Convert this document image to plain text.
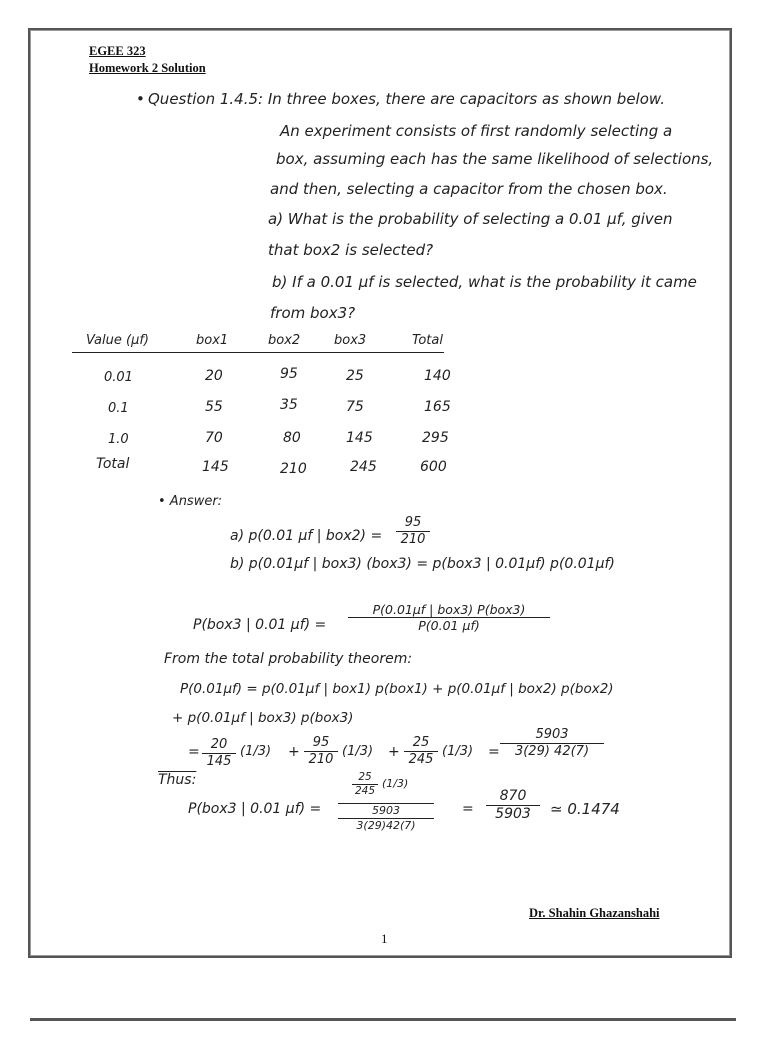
EGEE 323
Homework 2 Solution
• Question 1.4.5: In three boxes, there are capacitors as shown below.
An experiment consists of first randomly selecting a
box, assuming each has the same likelihood of selections,
and then, selecting a capacitor from the chosen box.
a) What is the probability of selecting a 0.01 μf, given
that box2 is selected?
b) If a 0.01 μf is selected, what is the probability it came
from box3?
Value (μf)	box1	box2	box3	Total
0.01	20	95	25	140
0.1	55	35	75	165
1.0	70	80	145	295
Total	145	210	245	600
• Answer:
a) p(0.01 μf | box2) =
95
210
b) p(0.01μf | box3) (box3) = p(box3 | 0.01μf) p(0.01μf)
P(box3 | 0.01 μf) =
P(0.01μf | box3) P(box3)
P(0.01 μf)
From the total probability theorem:
P(0.01μf) = p(0.01μf | box1) p(box1) + p(0.01μf | box2) p(box2)
+ p(0.01μf | box3) p(box3)
= 20
145
(1/3) +
95
210
(1/3) +
25
245
(1/3) =
5903
3(29) 42(7)
Thus:
P(box3 | 0.01 μf) =
25
245
(1/3)
5903
3(29)42(7)
=
870
5903	≃ 0.1474
Dr. Shahin Ghazanshahi
1
